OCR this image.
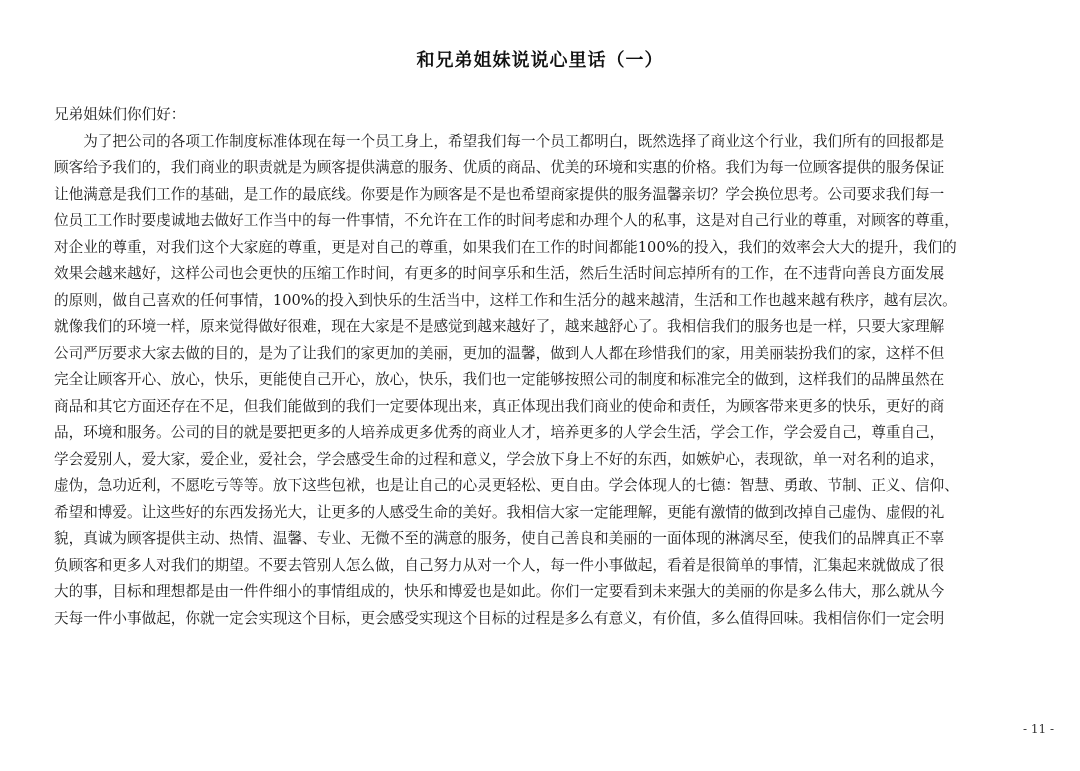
和兄弟姐妹说说心里话（一）
兄弟姐妹们你们好：
　　为了把公司的各项工作制度标准体现在每一个员工身上，希望我们每一个员工都明白，既然选择了商业这个行业，我们所有的回报都是
顾客给予我们的，我们商业的职责就是为顾客提供满意的服务、优质的商品、优美的环境和实惠的价格。我们为每一位顾客提供的服务保证
让他满意是我们工作的基础，是工作的最底线。你要是作为顾客是不是也希望商家提供的服务温馨亲切？学会换位思考。公司要求我们每一
位员工工作时要虔诚地去做好工作当中的每一件事情，不允许在工作的时间考虑和办理个人的私事，这是对自己行业的尊重，对顾客的尊重，
对企业的尊重，对我们这个大家庭的尊重，更是对自己的尊重，如果我们在工作的时间都能100%的投入，我们的效率会大大的提升，我们的
效果会越来越好，这样公司也会更快的压缩工作时间，有更多的时间享乐和生活，然后生活时间忘掉所有的工作，在不违背向善良方面发展
的原则，做自己喜欢的任何事情，100%的投入到快乐的生活当中，这样工作和生活分的越来越清，生活和工作也越来越有秩序，越有层次。
就像我们的环境一样，原来觉得做好很难，现在大家是不是感觉到越来越好了，越来越舒心了。我相信我们的服务也是一样，只要大家理解
公司严厉要求大家去做的目的，是为了让我们的家更加的美丽，更加的温馨，做到人人都在珍惜我们的家，用美丽装扮我们的家，这样不但
完全让顾客开心、放心，快乐，更能使自己开心，放心，快乐，我们也一定能够按照公司的制度和标准完全的做到，这样我们的品牌虽然在
商品和其它方面还存在不足，但我们能做到的我们一定要体现出来，真正体现出我们商业的使命和责任，为顾客带来更多的快乐，更好的商
品，环境和服务。公司的目的就是要把更多的人培养成更多优秀的商业人才，培养更多的人学会生活，学会工作，学会爱自己，尊重自己，
学会爱别人，爱大家，爱企业，爱社会，学会感受生命的过程和意义，学会放下身上不好的东西，如嫉妒心，表现欲，单一对名利的追求，
虚伪，急功近利，不愿吃亏等等。放下这些包袱，也是让自己的心灵更轻松、更自由。学会体现人的七德：智慧、勇敢、节制、正义、信仰、
希望和博爱。让这些好的东西发扬光大，让更多的人感受生命的美好。我相信大家一定能理解，更能有激情的做到改掉自己虚伪、虚假的礼
貌，真诚为顾客提供主动、热情、温馨、专业、无微不至的满意的服务，使自己善良和美丽的一面体现的淋漓尽至，使我们的品牌真正不辜
负顾客和更多人对我们的期望。不要去管别人怎么做，自己努力从对一个人，每一件小事做起，看着是很简单的事情，汇集起来就做成了很
大的事，目标和理想都是由一件件细小的事情组成的，快乐和博爱也是如此。你们一定要看到未来强大的美丽的你是多么伟大，那么就从今
天每一件小事做起，你就一定会实现这个目标，更会感受实现这个目标的过程是多么有意义，有价值，多么值得回味。我相信你们一定会明
- 11 -
